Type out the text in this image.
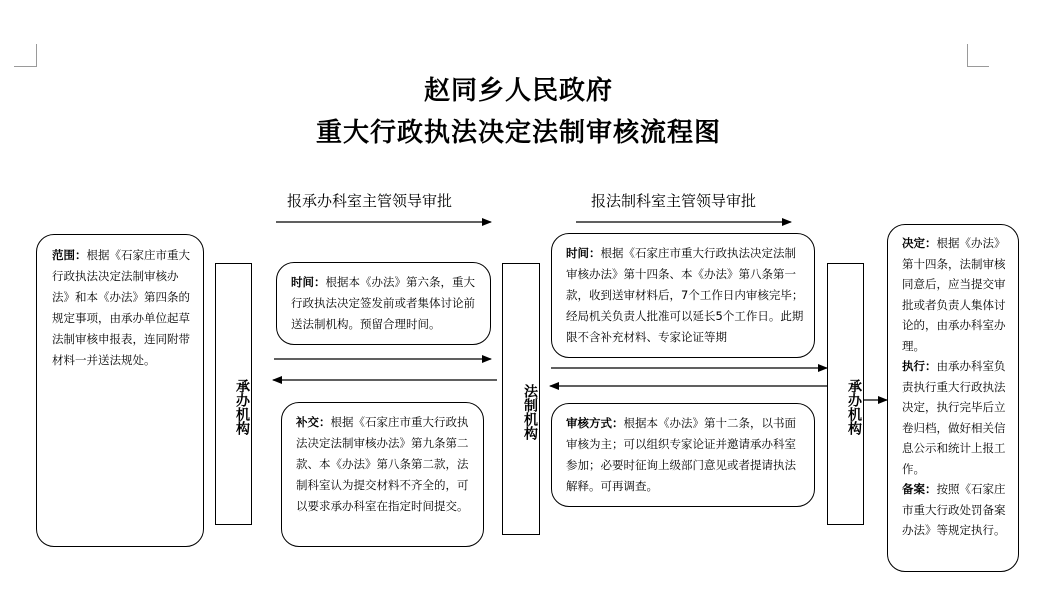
赵同乡人民政府
重大行政执法决定法制审核流程图
报承办科室主管领导审批	报法制科室主管领导审批

范围：根据《石家庄市重大行政执法决定法制审核办法》和本《办法》第四条的规定事项，由承办单位起草法制审核申报表，连同附带材料一并送法规处。

承办机构

时间：根据本《办法》第六条，重大行政执法决定签发前或者集体讨论前送法制机构。预留合理时间。

补交：根据《石家庄市重大行政执法决定法制审核办法》第九条第二款、本《办法》第八条第二款，法制科室认为提交材料不齐全的，可以要求承办科室在指定时间提交。

法制机构

时间：根据《石家庄市重大行政执法决定法制审核办法》第十四条、本《办法》第八条第一款，收到送审材料后，7个工作日内审核完毕；经局机关负责人批准可以延长5个工作日。此期限不含补充材料、专家论证等期

审核方式：根据本《办法》第十二条，以书面审核为主；可以组织专家论证并邀请承办科室参加；必要时征询上级部门意见或者提请执法解释。可再调查。

承办机构

决定：根据《办法》第十四条，法制审核同意后，应当提交审批或者负责人集体讨论的，由承办科室办理。

执行：由承办科室负责执行重大行政执法决定，执行完毕后立卷归档，做好相关信息公示和统计上报工作。

备案：按照《石家庄市重大行政处罚备案办法》等规定执行。
